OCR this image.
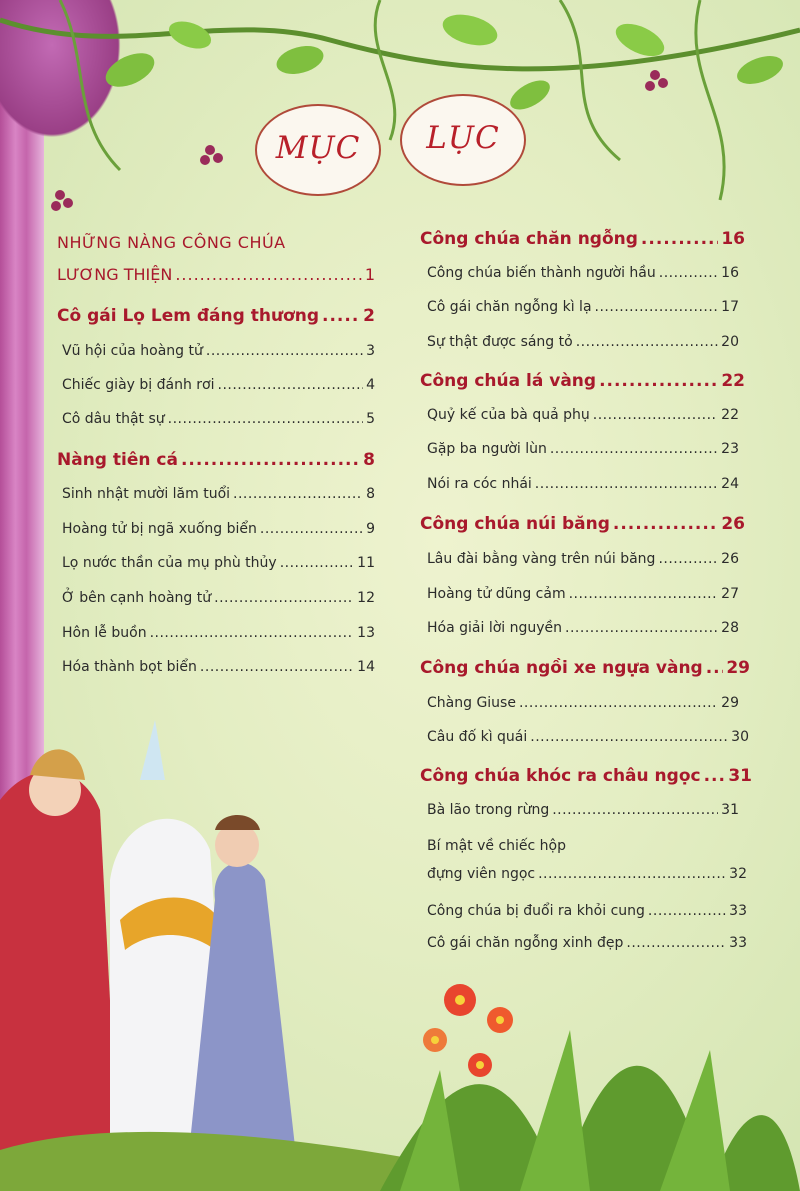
MỤC	LỤC
NHỮNG NÀNG CÔNG CHÚA
LƯƠNG THIỆN .....	1
Cô gái Lọ Lem đáng thương .....	2
Vũ hội của hoàng tử .....	3
Chiếc giày bị đánh rơi .....	4
Cô dâu thật sự .....	5
Nàng tiên cá .....	8
Sinh nhật mười lăm tuổi .....	8
Hoàng tử bị ngã xuống biển .....	9
Lọ nước thần của mụ phù thủy .....	11
Ở bên cạnh hoàng tử .....	12
Hôn lễ buồn .....	13
Hóa thành bọt biển .....	14
Công chúa chăn ngỗng .....	16
Công chúa biến thành người hầu .....	16
Cô gái chăn ngỗng kì lạ .....	17
Sự thật được sáng tỏ .....	20
Công chúa lá vàng .....	22
Quỷ kế của bà quả phụ .....	22
Gặp ba người lùn .....	23
Nói ra cóc nhái .....	24
Công chúa núi băng .....	26
Lâu đài bằng vàng trên núi băng .....	26
Hoàng tử dũng cảm .....	27
Hóa giải lời nguyền .....	28
Công chúa ngồi xe ngựa vàng ..... 29
Chàng Giuse .....	29
Câu đố kì quái .....	30
Công chúa khóc ra châu ngọc ..... 31
Bà lão trong rừng .....	31
Bí mật về chiếc hộp
đựng viên ngọc .....	32
Công chúa bị đuổi ra khỏi cung .....	33
Cô gái chăn ngỗng xinh đẹp .....	33
